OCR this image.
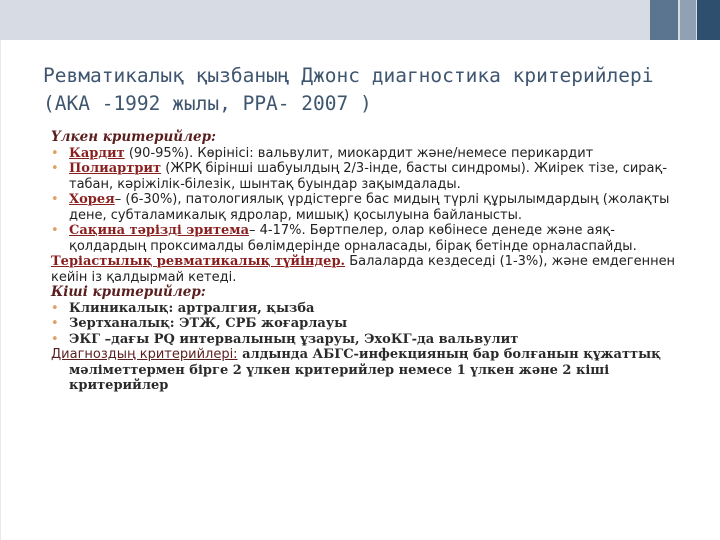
Ревматикалық қызбаның Джонс диагностика критерийлері (АКА -1992 жылы, РРА- 2007 )

Үлкен критерийлер:

• Кардит (90-95%). Көрінісі: вальвулит, миокардит және/немесе перикардит

• Полиартрит (ЖРҚ бірінші шабуылдың 2/3-інде, басты синдромы). Жиірек тізе, сирақ-табан, кәріжілік-білезік, шынтақ буындар зақымдалады.

• Хорея– (6-30%), патологиялық үрдістерге бас мидың түрлі құрылымдардың (жолақты дене, субталамикалық ядролар, мишық) қосылуына байланысты.

• Сақина тәрізді эритема– 4-17%. Бөртпелер, олар көбінесе денеде және аяқ-қолдардың проксималды бөлімдерінде орналасады, бірақ бетінде орналаспайды.

Теріастылық ревматикалық түйіндер. Балаларда кездеседі (1-3%), және емдегеннен кейін із қалдырмай кетеді.

Кіші критерийлер:

• Клиникалық: артралгия, қызба

• Зертханалық: ЭТЖ, СРБ жоғарлауы

• ЭКГ –дағы PQ интервалының ұзаруы, ЭхоКГ-да вальвулит

Диагноздың критерийлері: алдында АБГС-инфекцияның бар болғанын құжаттық мәліметтермен бірге 2 үлкен критерийлер немесе 1 үлкен және 2 кіші критерийлер
